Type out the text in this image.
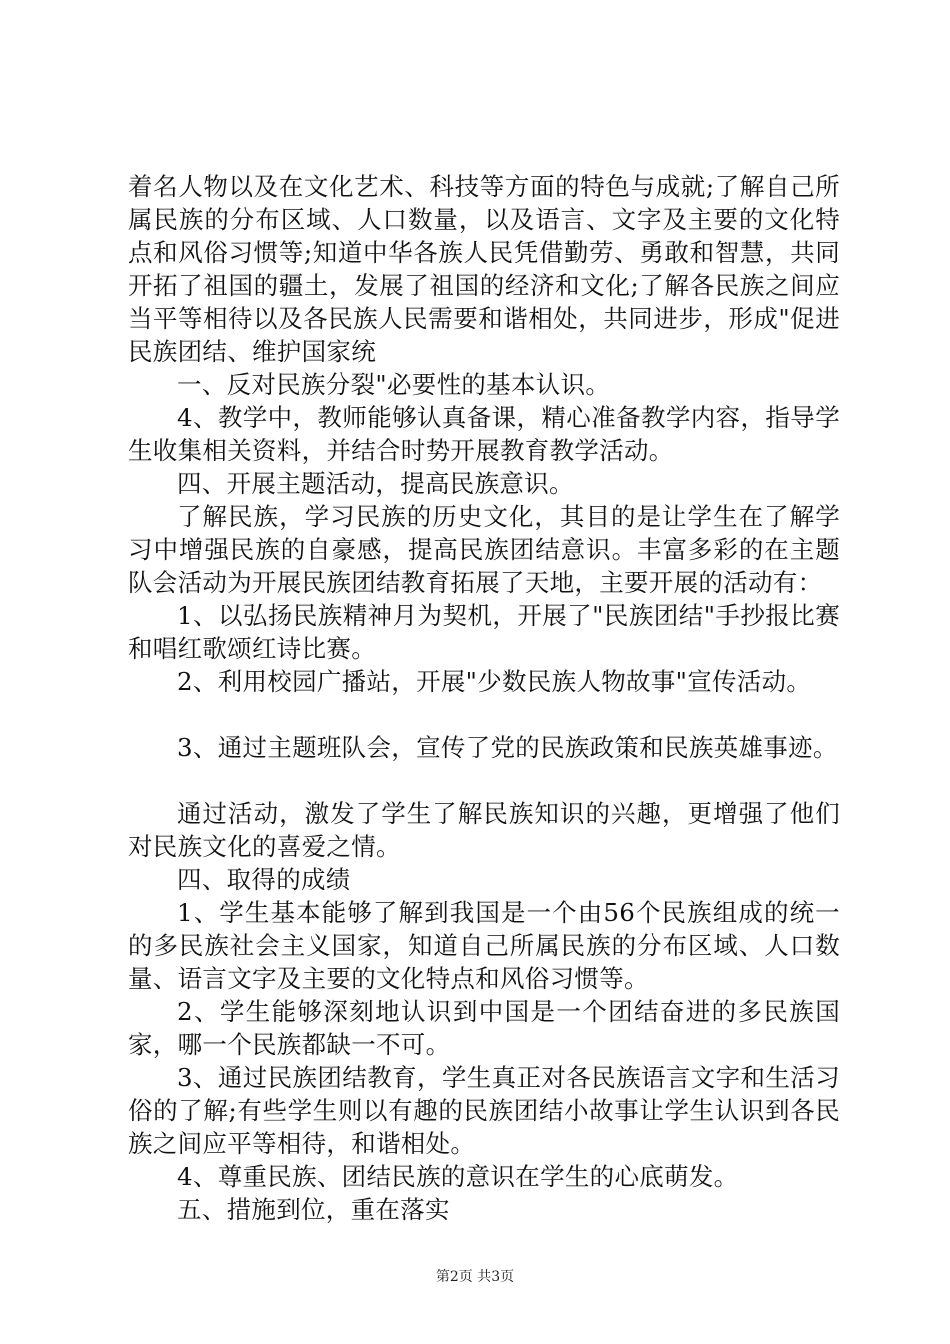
着名人物以及在文化艺术、科技等方面的特色与成就;了解自己所属民族的分布区域、人口数量，以及语言、文字及主要的文化特点和风俗习惯等;知道中华各族人民凭借勤劳、勇敢和智慧，共同开拓了祖国的疆土，发展了祖国的经济和文化;了解各民族之间应当平等相待以及各民族人民需要和谐相处，共同进步，形成"促进民族团结、维护国家统

一、反对民族分裂"必要性的基本认识。

4、教学中，教师能够认真备课，精心准备教学内容，指导学生收集相关资料，并结合时势开展教育教学活动。

四、开展主题活动，提高民族意识。

了解民族，学习民族的历史文化，其目的是让学生在了解学习中增强民族的自豪感，提高民族团结意识。丰富多彩的在主题队会活动为开展民族团结教育拓展了天地，主要开展的活动有：

1、以弘扬民族精神月为契机，开展了"民族团结"手抄报比赛和唱红歌颂红诗比赛。

2、利用校园广播站，开展"少数民族人物故事"宣传活动。

3、通过主题班队会，宣传了党的民族政策和民族英雄事迹。

通过活动，激发了学生了解民族知识的兴趣，更增强了他们对民族文化的喜爱之情。

四、取得的成绩

1、学生基本能够了解到我国是一个由56个民族组成的统一的多民族社会主义国家，知道自己所属民族的分布区域、人口数量、语言文字及主要的文化特点和风俗习惯等。

2、学生能够深刻地认识到中国是一个团结奋进的多民族国家，哪一个民族都缺一不可。

3、通过民族团结教育，学生真正对各民族语言文字和生活习俗的了解;有些学生则以有趣的民族团结小故事让学生认识到各民族之间应平等相待，和谐相处。

4、尊重民族、团结民族的意识在学生的心底萌发。

五、措施到位，重在落实

第2页 共3页
